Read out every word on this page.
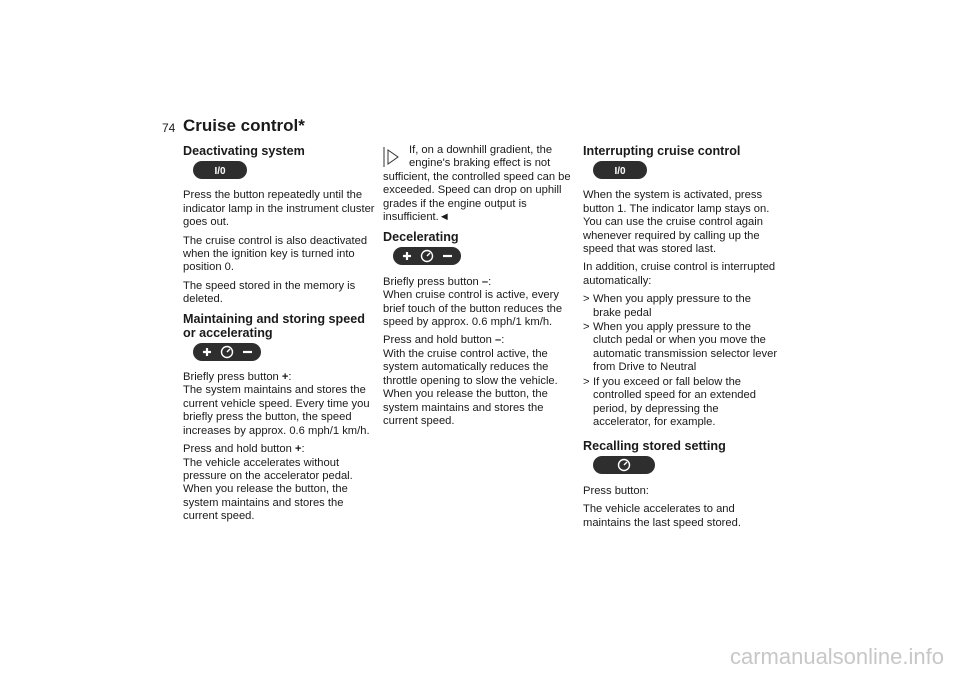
74 Cruise control*
Deactivating system
I/0

Press the button repeatedly until the indicator lamp in the instrument cluster goes out.

The cruise control is also deactivated when the ignition key is turned into position 0.

The speed stored in the memory is deleted.

Maintaining and storing speed or accelerating

Briefly press button +:
The system maintains and stores the current vehicle speed. Every time you briefly press the button, the speed increases by approx. 0.6 mph/1 km/h.

Press and hold button +:
The vehicle accelerates without pressure on the accelerator pedal. When you release the button, the system maintains and stores the current speed.

If, on a downhill gradient, the engine's braking effect is not sufficient, the controlled speed can be exceeded. Speed can drop on uphill grades if the engine output is insufficient.◄

Decelerating

Briefly press button –:
When cruise control is active, every brief touch of the button reduces the speed by approx. 0.6 mph/1 km/h.

Press and hold button –:
With the cruise control active, the system automatically reduces the throttle opening to slow the vehicle. When you release the button, the system maintains and stores the current speed.

Interrupting cruise control
I/0

When the system is activated, press button 1. The indicator lamp stays on. You can use the cruise control again whenever required by calling up the speed that was stored last.

In addition, cruise control is interrupted automatically:

> When you apply pressure to the brake pedal
> When you apply pressure to the clutch pedal or when you move the automatic transmission selector lever from Drive to Neutral
> If you exceed or fall below the controlled speed for an extended period, by depressing the accelerator, for example.
Recalling stored setting

Press button:

The vehicle accelerates to and maintains the last speed stored.

carmanualsonline.info
